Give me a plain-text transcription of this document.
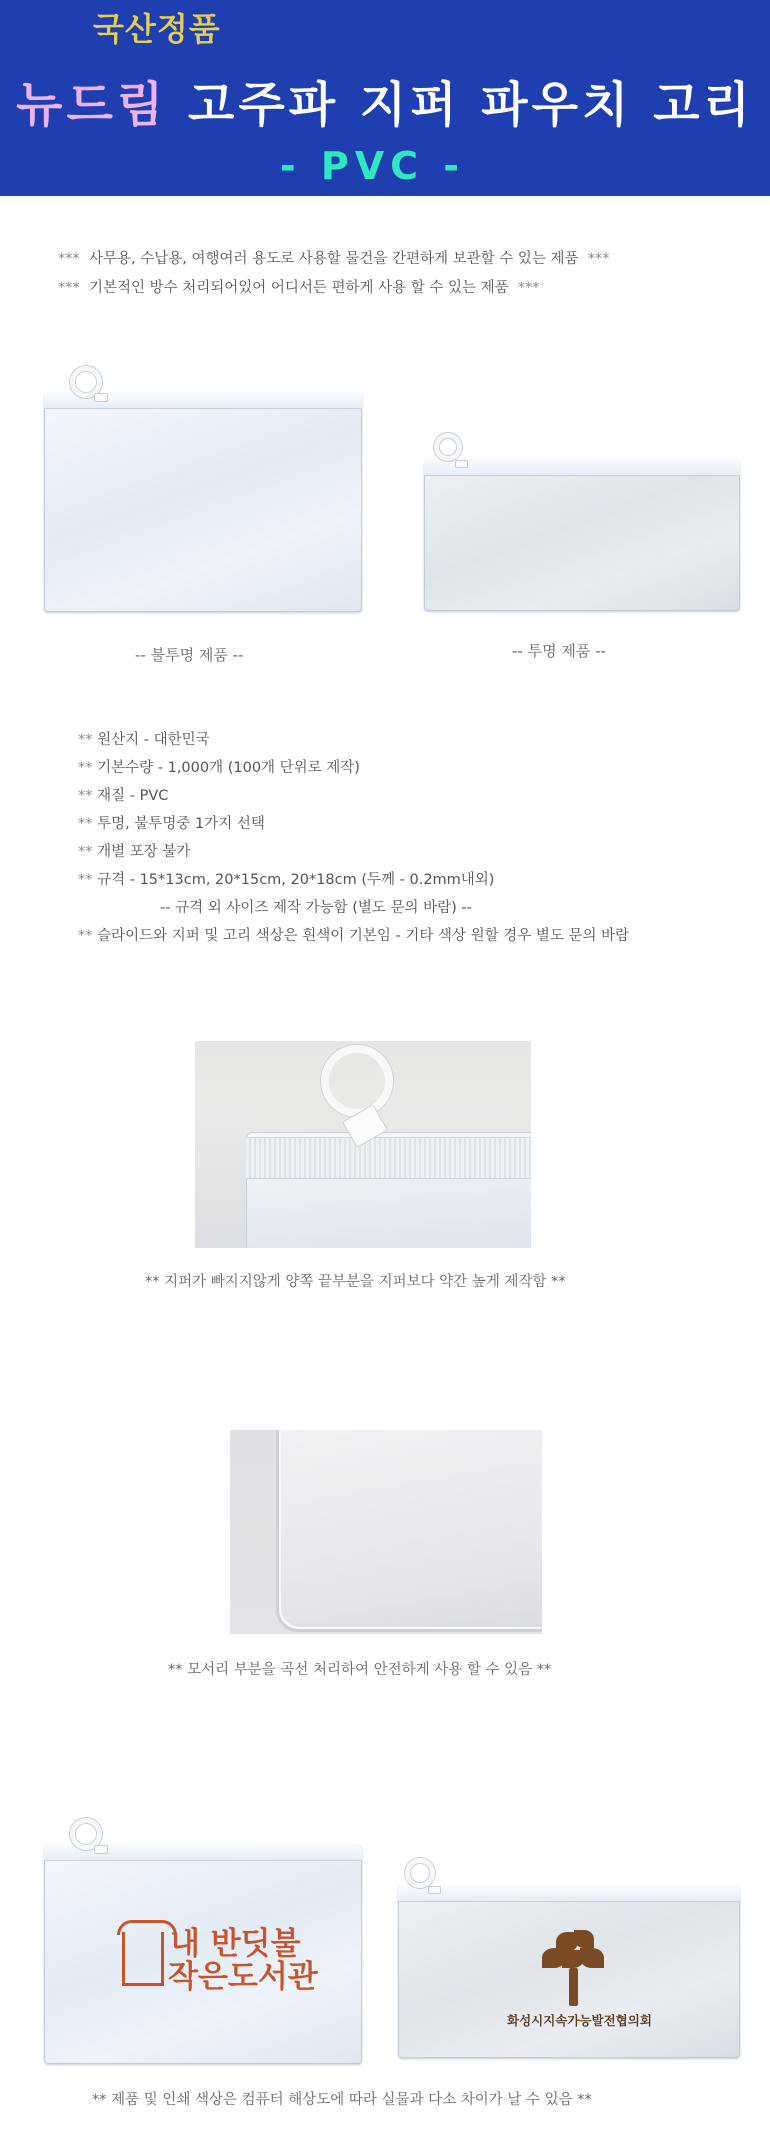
국산정품
뉴드림 고주파 지퍼 파우치 고리
- PVC -
*** 사무용, 수납용, 여행여러 용도로 사용할 물건을 간편하게 보관할 수 있는 제품 ***
*** 기본적인 방수 처리되어있어 어디서든 편하게 사용 할 수 있는 제품 ***
-- 불투명 제품 --	-- 투명 제품 --
** 원산지 - 대한민국
** 기본수량 - 1,000개 (100개 단위로 제작)
** 재질 - PVC
** 투명, 불투명중 1가지 선택
** 개별 포장 불가
** 규격 - 15*13cm, 20*15cm, 20*18cm (두께 - 0.2mm내외)
-- 규격 외 사이즈 제작 가능함 (별도 문의 바람) --
** 슬라이드와 지퍼 및 고리 색상은 흰색이 기본임 - 기타 색상 원할 경우 별도 문의 바람
** 지퍼가 빠지지않게 양쪽 끝부분을 지퍼보다 약간 높게 제작함 **
** 모서리 부분을 곡선 처리하여 안전하게 사용 할 수 있음 **
내 반딧불
작은도서관
화성시지속가능발전협의회
** 제품 및 인쇄 색상은 컴퓨터 해상도에 따라 실물과 다소 차이가 날 수 있음 **
